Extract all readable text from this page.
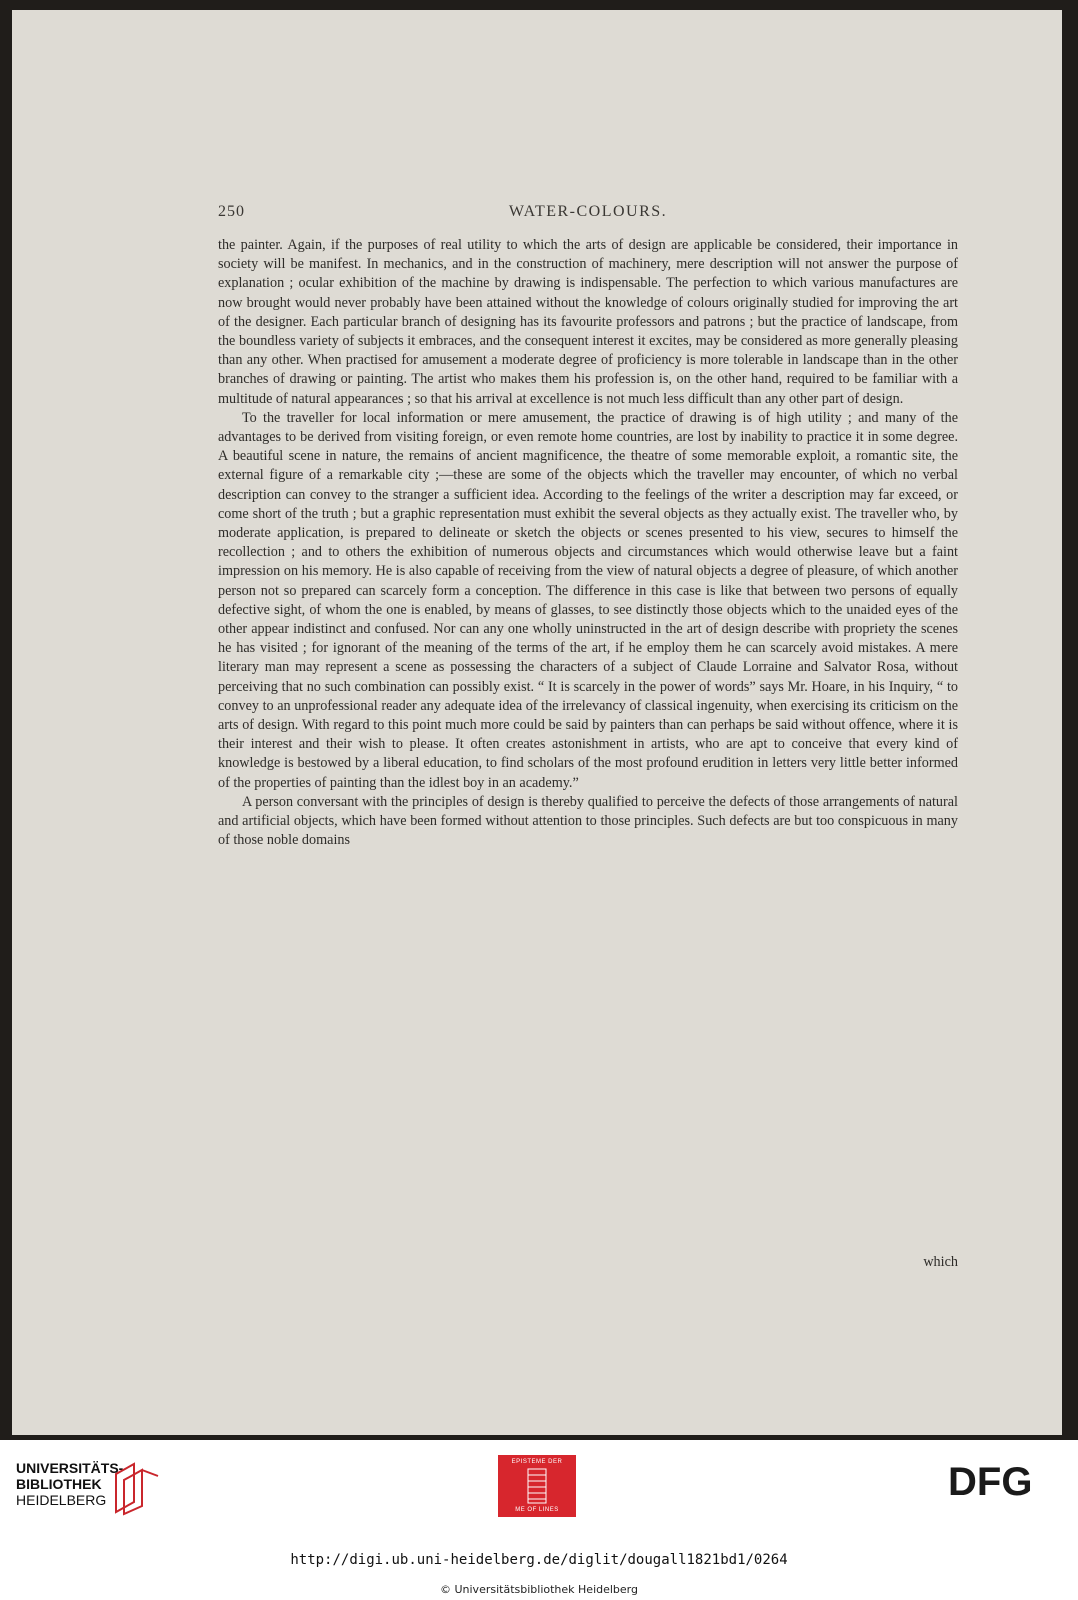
250	WATER-COLOURS.

the painter. Again, if the purposes of real utility to which the arts of design are applicable be considered, their importance in society will be manifest. In mechanics, and in the construction of machinery, mere description will not answer the purpose of explanation ; ocular exhibition of the machine by drawing is indispensable. The perfection to which various manufactures are now brought would never probably have been attained without the knowledge of colours originally studied for improving the art of the designer. Each particular branch of designing has its favourite professors and patrons ; but the practice of landscape, from the boundless variety of subjects it embraces, and the consequent interest it excites, may be considered as more generally pleasing than any other. When practised for amusement a moderate degree of proficiency is more tolerable in landscape than in the other branches of drawing or painting. The artist who makes them his profession is, on the other hand, required to be familiar with a multitude of natural appearances ; so that his arrival at excellence is not much less difficult than any other part of design.

To the traveller for local information or mere amusement, the practice of drawing is of high utility ; and many of the advantages to be derived from visiting foreign, or even remote home countries, are lost by inability to practice it in some degree. A beautiful scene in nature, the remains of ancient magnificence, the theatre of some memorable exploit, a romantic site, the external figure of a remarkable city ;—these are some of the objects which the traveller may encounter, of which no verbal description can convey to the stranger a sufficient idea. According to the feelings of the writer a description may far exceed, or come short of the truth ; but a graphic representation must exhibit the several objects as they actually exist. The traveller who, by moderate application, is prepared to delineate or sketch the objects or scenes presented to his view, secures to himself the recollection ; and to others the exhibition of numerous objects and circumstances which would otherwise leave but a faint impression on his memory. He is also capable of receiving from the view of natural objects a degree of pleasure, of which another person not so prepared can scarcely form a conception. The difference in this case is like that between two persons of equally defective sight, of whom the one is enabled, by means of glasses, to see distinctly those objects which to the unaided eyes of the other appear indistinct and confused. Nor can any one wholly uninstructed in the art of design describe with propriety the scenes he has visited ; for ignorant of the meaning of the terms of the art, if he employ them he can scarcely avoid mistakes. A mere literary man may represent a scene as possessing the characters of a subject of Claude Lorraine and Salvator Rosa, without perceiving that no such combination can possibly exist. “ It is scarcely in the power of words” says Mr. Hoare, in his Inquiry, “ to convey to an unprofessional reader any adequate idea of the irrelevancy of classical ingenuity, when exercising its criticism on the arts of design. With regard to this point much more could be said by painters than can perhaps be said without offence, where it is their interest and their wish to please. It often creates astonishment in artists, who are apt to conceive that every kind of knowledge is bestowed by a liberal education, to find scholars of the most profound erudition in letters very little better informed of the properties of painting than the idlest boy in an academy.”

A person conversant with the principles of design is thereby qualified to perceive the defects of those arrangements of natural and artificial objects, which have been formed without attention to those principles. Such defects are but too conspicuous in many of those noble domains

which
UNIVERSITÄTS-
BIBLIOTHEK
HEIDELBERG
EPISTEME DER
ME OF LINES
DFG
http://digi.ub.uni-heidelberg.de/diglit/dougall1821bd1/0264
© Universitätsbibliothek Heidelberg
